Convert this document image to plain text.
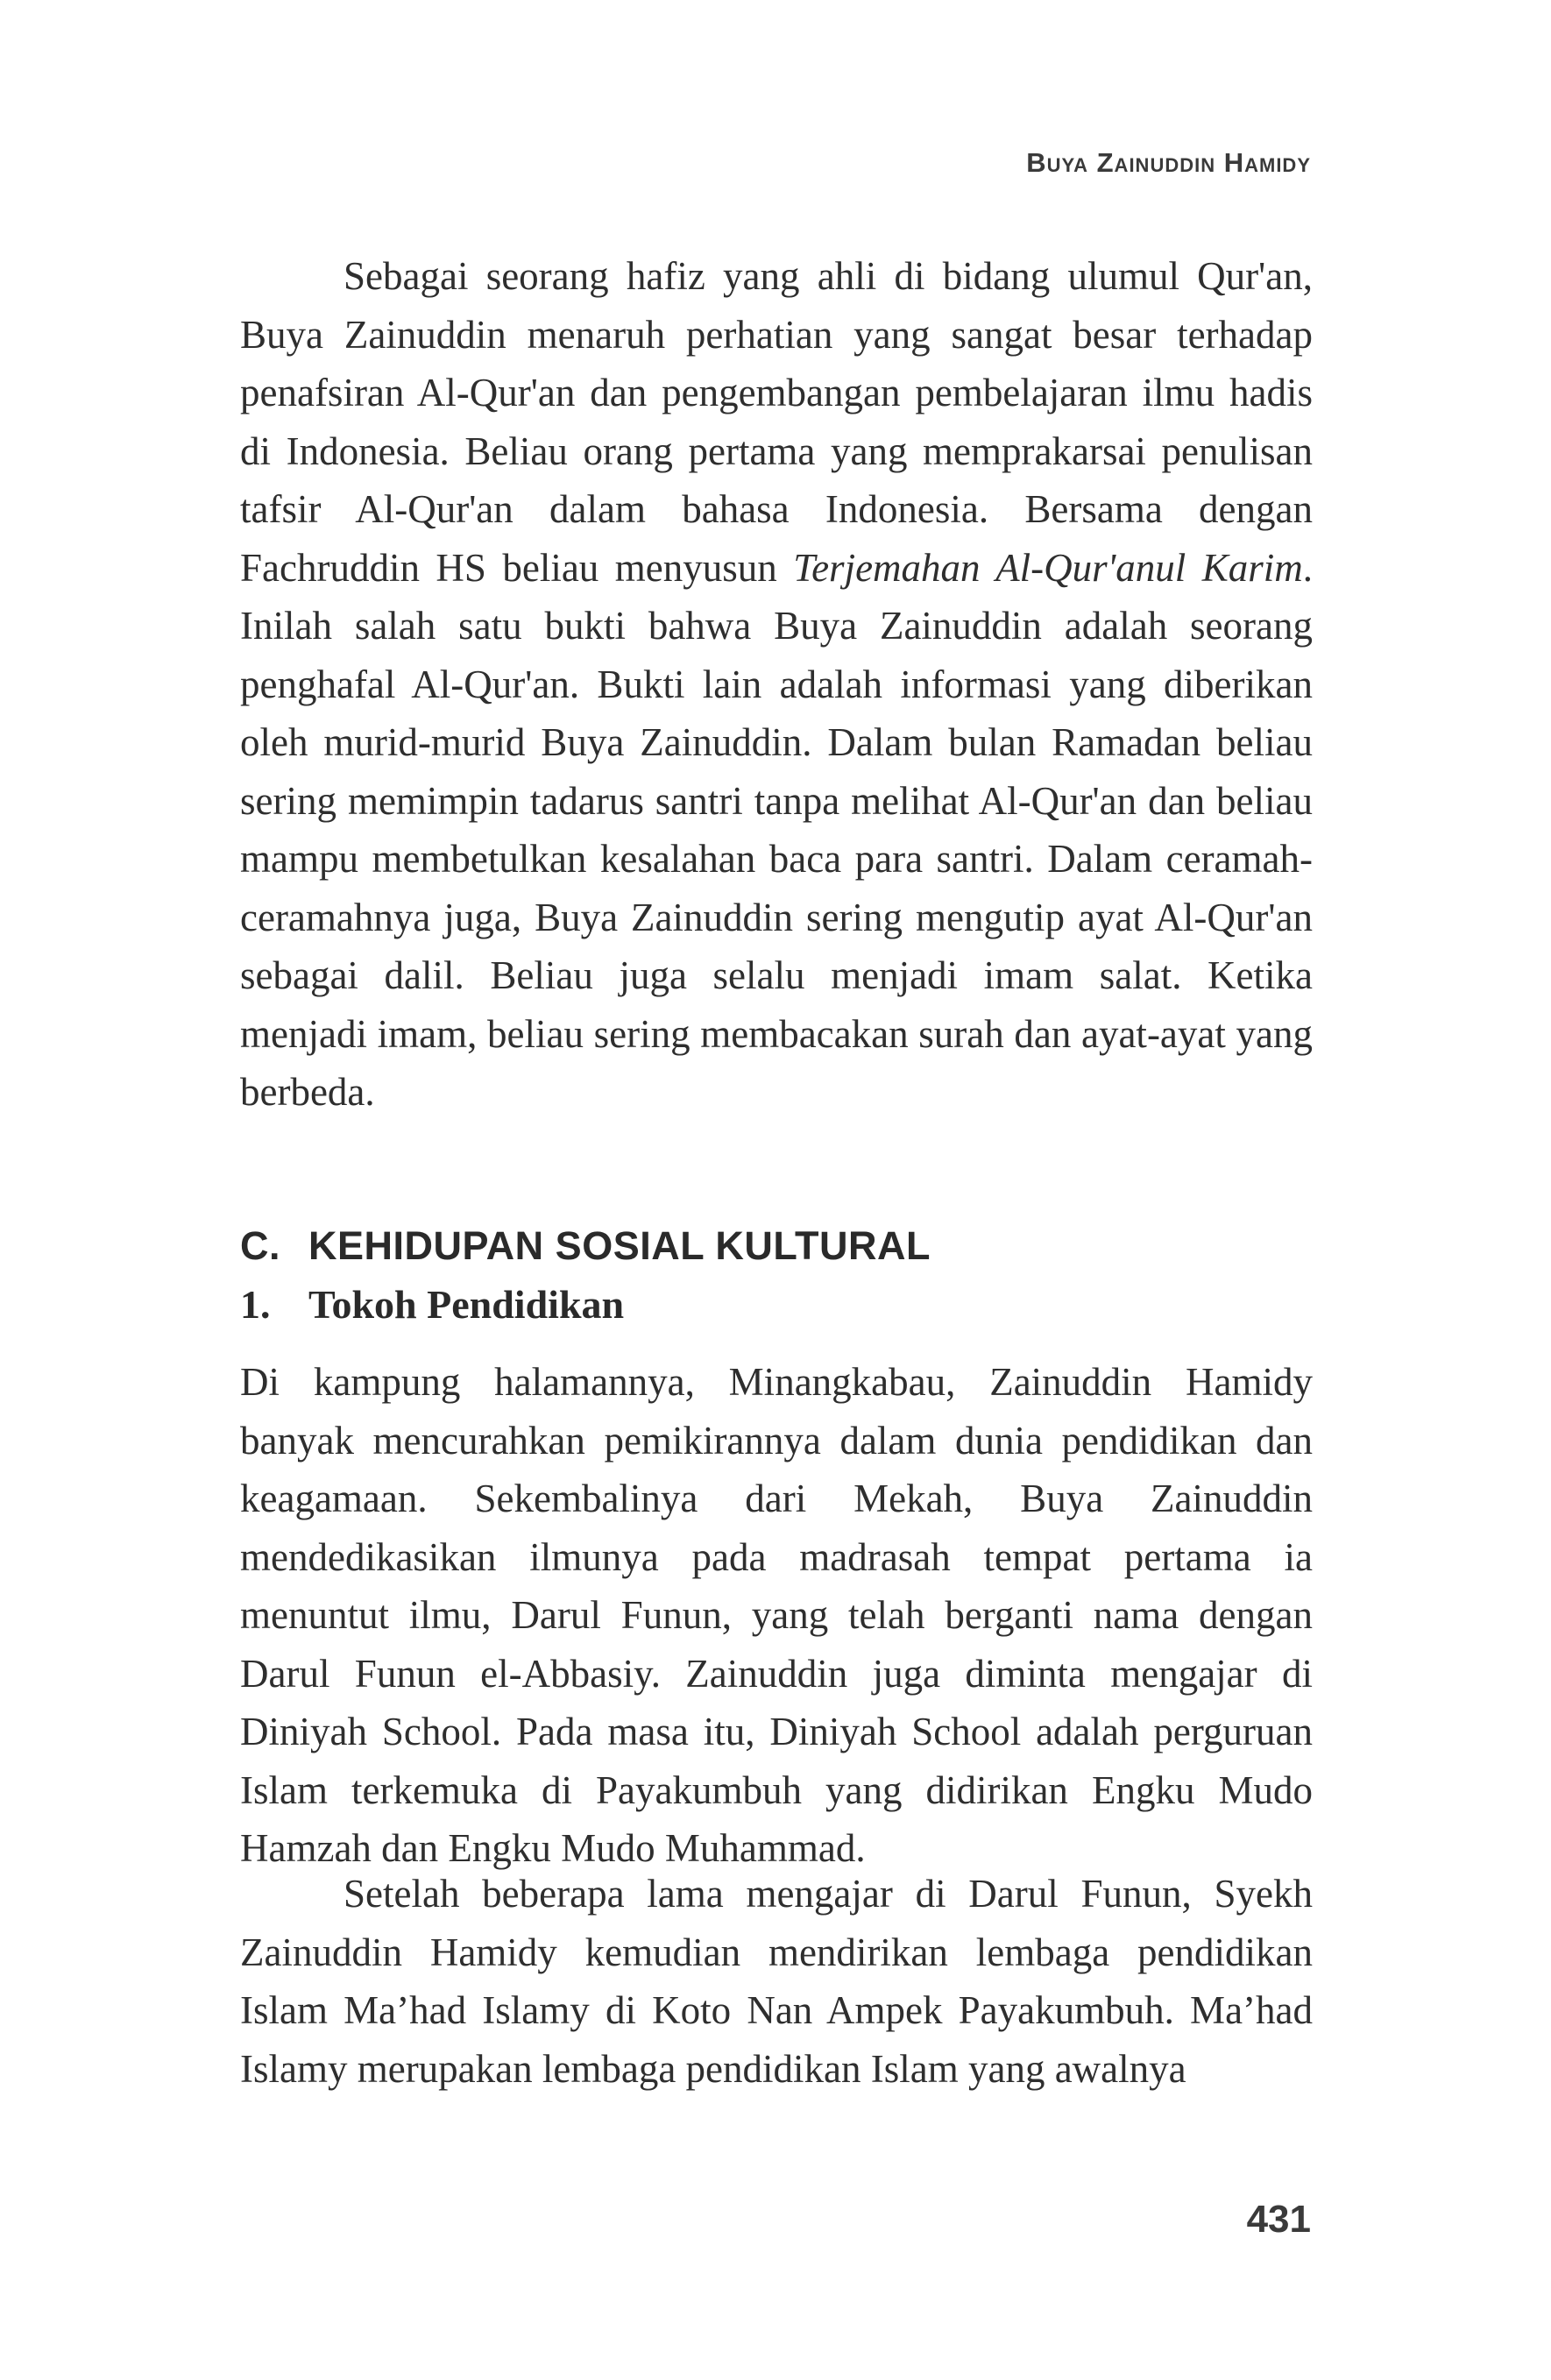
Buya Zainuddin Hamidy

Sebagai seorang hafiz yang ahli di bidang ulumul Qur'an, Buya Zainuddin menaruh perhatian yang sangat besar terhadap penafsiran Al-Qur'an dan pengembangan pembelajaran ilmu hadis di Indonesia. Beliau orang pertama yang memprakarsai penulisan tafsir Al-Qur'an dalam bahasa Indonesia. Bersama dengan Fachruddin HS beliau menyusun Terjemahan Al-Qur'anul Karim. Inilah salah satu bukti bahwa Buya Zainuddin adalah seorang penghafal Al-Qur'an. Bukti lain adalah informasi yang diberikan oleh murid-murid Buya Zainuddin. Dalam bulan Ramadan beliau sering memimpin tadarus santri tanpa melihat Al-Qur'an dan beliau mampu membetulkan kesalahan baca para santri. Dalam ceramah-ceramahnya juga, Buya Zainuddin sering mengutip ayat Al-Qur'an sebagai dalil. Beliau juga selalu menjadi imam salat. Ketika menjadi imam, beliau sering membacakan surah dan ayat-ayat yang berbeda.

C. KEHIDUPAN SOSIAL KULTURAL
1. Tokoh Pendidikan

Di kampung halamannya, Minangkabau, Zainuddin Hamidy banyak mencurahkan pemikirannya dalam dunia pendidikan dan keagamaan. Sekembalinya dari Mekah, Buya Zainuddin mendedikasikan ilmunya pada madrasah tempat pertama ia menuntut ilmu, Darul Funun, yang telah berganti nama dengan Darul Funun el-Abbasiy. Zainuddin juga diminta mengajar di Diniyah School. Pada masa itu, Diniyah School adalah perguruan Islam terkemuka di Payakumbuh yang didirikan Engku Mudo Hamzah dan Engku Mudo Muhammad.

Setelah beberapa lama mengajar di Darul Funun, Syekh Zainuddin Hamidy kemudian mendirikan lembaga pendidikan Islam Ma’had Islamy di Koto Nan Ampek Payakumbuh. Ma’had Islamy merupakan lembaga pendidikan Islam yang awalnya

431
